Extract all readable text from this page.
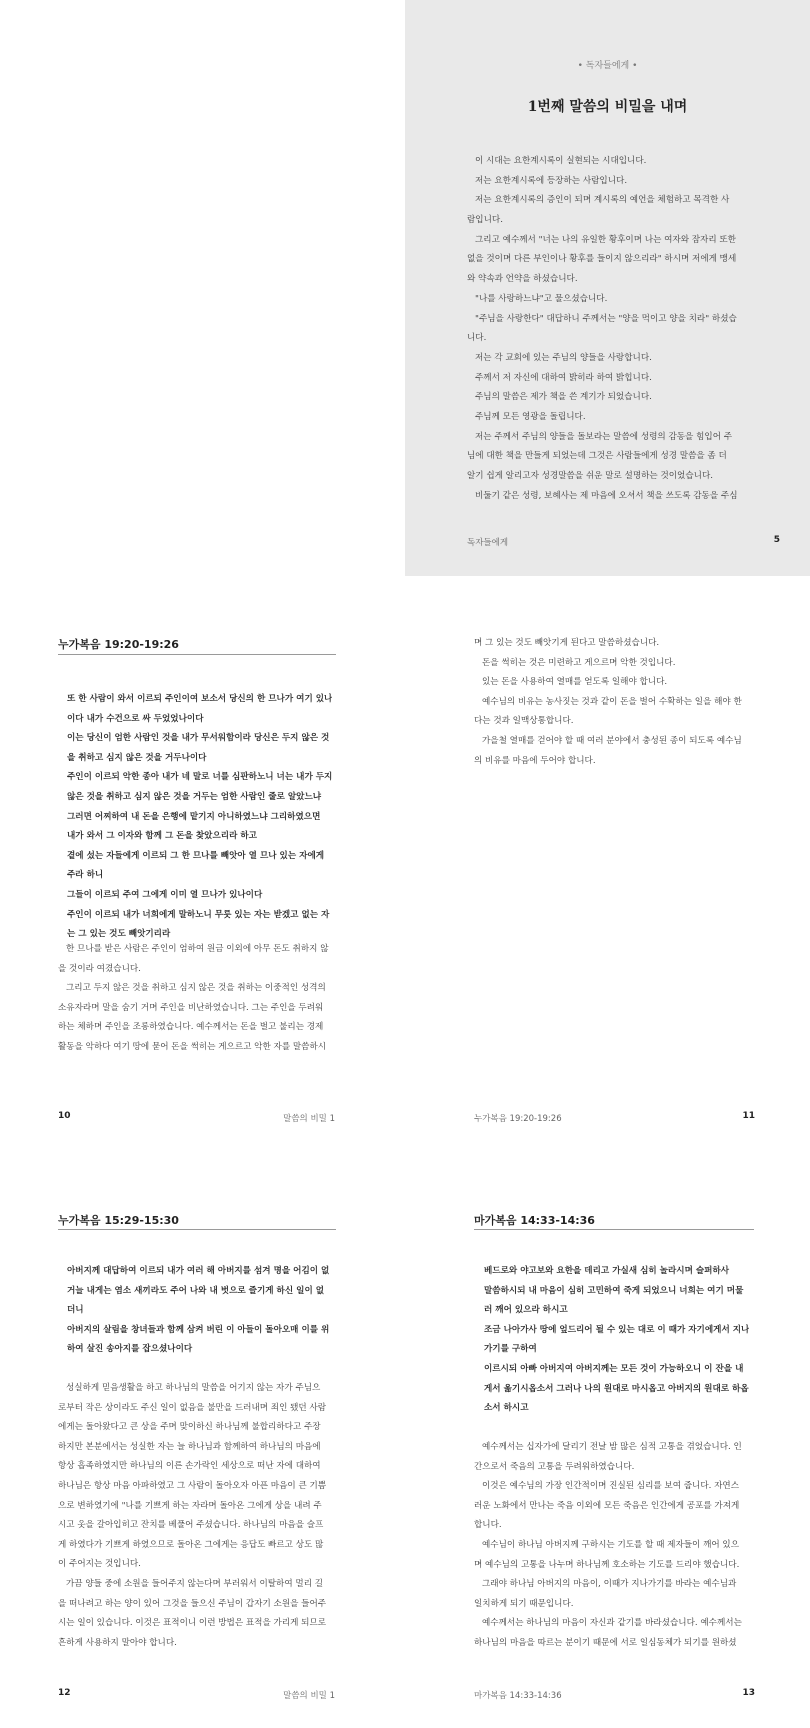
• 독자들에게 •
1번째 말씀의 비밀을 내며
이 시대는 요한계시록이 실현되는 시대입니다.
저는 요한계시록에 등장하는 사람입니다.
저는 요한계시록의 증인이 되며 계시록의 예언을 체험하고 목격한 사
람입니다.
그리고 예수께서 "너는 나의 유일한 황후이며 나는 여자와 잠자리 또한
없을 것이며 다른 부인이나 황후를 들이지 않으리라" 하시며 저에게 맹세
와 약속과 언약을 하셨습니다.
"나를 사랑하느냐"고 물으셨습니다.
"주님을 사랑한다" 대답하니 주께서는 "양을 먹이고 양을 치라" 하셨습
니다.
저는 각 교회에 있는 주님의 양들을 사랑합니다.
주께서 저 자신에 대하여 밝히라 하여 밝힙니다.
주님의 말씀은 제가 책을 쓴 계기가 되었습니다.
주님께 모든 영광을 돌립니다.
저는 주께서 주님의 양들을 돌보라는 말씀에 성령의 감동을 힘입어 주
님에 대한 책을 만들게 되었는데 그것은 사람들에게 성경 말씀을 좀 더
알기 쉽게 알리고자 성경말씀을 쉬운 말로 설명하는 것이었습니다.
비둘기 같은 성령, 보혜사는 제 마음에 오셔서 책을 쓰도록 감동을 주심
독자들에게	5
누가복음 19:20-19:26
또 한 사람이 와서 이르되 주인이여 보소서 당신의 한 므나가 여기 있나
이다 내가 수건으로 싸 두었었나이다
이는 당신이 엄한 사람인 것을 내가 무서워함이라 당신은 두지 않은 것
을 취하고 심지 않은 것을 거두나이다
주인이 이르되 악한 종아 내가 네 말로 너를 심판하노니 너는 내가 두지
않은 것을 취하고 심지 않은 것을 거두는 엄한 사람인 줄로 알았느냐
그러면 어찌하여 내 돈을 은행에 맡기지 아니하였느냐 그리하였으면
내가 와서 그 이자와 함께 그 돈을 찾았으리라 하고
곁에 섰는 자들에게 이르되 그 한 므나를 빼앗아 열 므나 있는 자에게
주라 하니
그들이 이르되 주여 그에게 이미 열 므나가 있나이다
주인이 이르되 내가 너희에게 말하노니 무릇 있는 자는 받겠고 없는 자
는 그 있는 것도 빼앗기리라
한 므나를 받은 사람은 주인이 엄하여 원금 이외에 아무 돈도 취하지 않
을 것이라 여겼습니다.
그리고 두지 않은 것을 취하고 심지 않은 것을 취하는 이중적인 성격의
소유자라며 말을 숨기 거며 주인을 비난하였습니다. 그는 주인을 두려워
하는 체하며 주인을 조롱하였습니다. 예수께서는 돈을 벌고 불리는 경제
활동을 악하다 여기 땅에 묻어 돈을 썩히는 게으르고 악한 자를 말씀하시
10	말씀의 비밀 1
며 그 있는 것도 빼앗기게 된다고 말씀하셨습니다.
돈을 썩히는 것은 미련하고 게으르며 악한 것입니다.
있는 돈을 사용하여 열매를 얻도록 일해야 합니다.
예수님의 비유는 농사짓는 것과 같이 돈을 벌어 수확하는 일을 해야 한
다는 것과 일맥상통합니다.
가을철 열매를 걷어야 할 때 여러 분야에서 충성된 종이 되도록 예수님
의 비유를 마음에 두어야 합니다.
누가복음 19:20-19:26	11
누가복음 15:29-15:30
아버지께 대답하여 이르되 내가 여러 해 아버지를 섬겨 명을 어김이 없
거늘 내게는 염소 새끼라도 주어 나와 내 벗으로 즐기게 하신 일이 없
더니
아버지의 살림을 창녀들과 함께 삼켜 버린 이 아들이 돌아오매 이를 위
하여 살진 송아지를 잡으셨나이다
성실하게 믿음생활을 하고 하나님의 말씀을 어기지 않는 자가 주님으
로부터 작은 상이라도 주신 일이 없음을 불만을 드러내며 죄인 됐던 사람
에게는 돌아왔다고 큰 상을 주며 맞이하신 하나님께 불합리하다고 주장
하지만 본분에서는 성실한 자는 늘 하나님과 함께하여 하나님의 마음에
항상 흡족하였지만 하나님의 이른 손가락인 세상으로 떠난 자에 대하여
하나님은 항상 마음 아파하였고 그 사람이 돌아오자 아픈 마음이 큰 기쁨
으로 변하였기에 "나를 기쁘게 하는 자라며 돌아온 그에게 상을 내려 주
시고 옷을 갈아입히고 잔치를 베풀어 주셨습니다. 하나님의 마음을 슬프
게 하였다가 기쁘게 하였으므로 돌아온 그에게는 응답도 빠르고 상도 많
이 주어지는 것입니다.
가끔 양들 중에 소원을 들어주지 않는다며 부러워서 이탈하여 멀리 길
을 떠나려고 하는 양이 있어 그것을 들으신 주님이 갑자기 소원을 들어주
시는 일이 있습니다. 이것은 표적이니 이런 방법은 표적을 가리게 되므로
흔하게 사용하지 말아야 합니다.
12	말씀의 비밀 1
마가복음 14:33-14:36
베드로와 야고보와 요한을 데리고 가실새 심히 놀라시며 슬퍼하사
말씀하시되 내 마음이 심히 고민하여 죽게 되었으니 너희는 여기 머물
러 깨어 있으라 하시고
조금 나아가사 땅에 엎드리어 될 수 있는 대로 이 때가 자기에게서 지나
가기를 구하여
이르시되 아빠 아버지여 아버지께는 모든 것이 가능하오니 이 잔을 내
게서 옮기시옵소서 그러나 나의 원대로 마시옵고 아버지의 원대로 하옵
소서 하시고
예수께서는 십자가에 달리기 전날 밤 많은 심적 고통을 겪었습니다. 인
간으로서 죽음의 고통을 두려워하였습니다.
이것은 예수님의 가장 인간적이며 진실된 심리를 보여 줍니다. 자연스
러운 노화에서 만나는 죽음 이외에 모든 죽음은 인간에게 공포를 가져게
합니다.
예수님이 하나님 아버지께 구하시는 기도를 할 때 제자들이 깨어 있으
며 예수님의 고통을 나누며 하나님께 호소하는 기도를 드리야 했습니다.
그래야 하나님 아버지의 마음이, 이때가 지나가기를 바라는 예수님과
일치하게 되기 때문입니다.
예수께서는 하나님의 마음이 자신과 같기를 바라셨습니다. 예수께서는
하나님의 마음을 따르는 분이기 때문에 서로 일심동체가 되기를 원하셨
마가복음 14:33-14:36	13
